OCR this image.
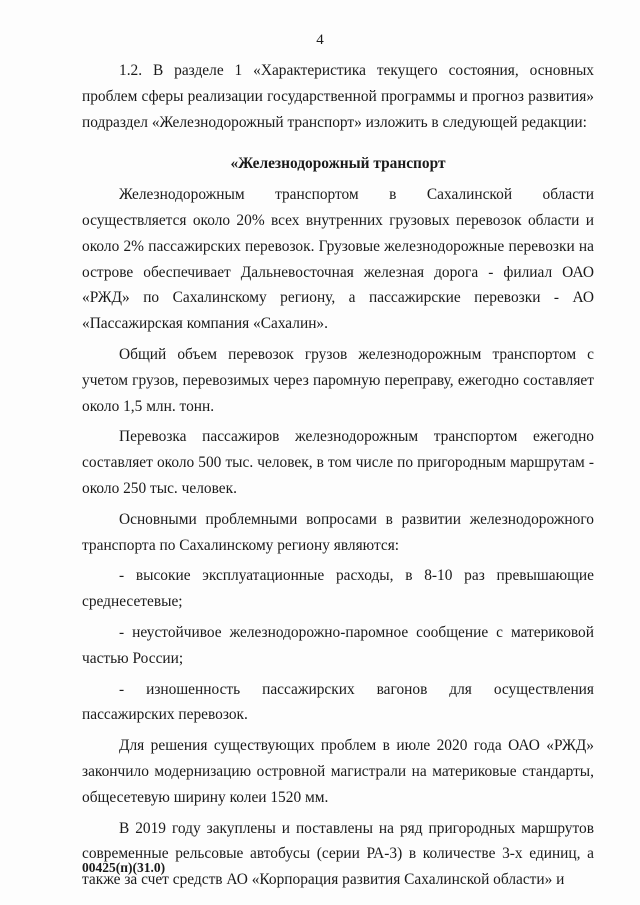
4

1.2. В разделе 1 «Характеристика текущего состояния, основных проблем сферы реализации государственной программы и прогноз развития» подраздел «Железнодорожный транспорт» изложить в следующей редакции:

«Железнодорожный транспорт

Железнодорожным транспортом в Сахалинской области осуществляется около 20% всех внутренних грузовых перевозок области и около 2% пассажирских перевозок. Грузовые железнодорожные перевозки на острове обеспечивает Дальневосточная железная дорога - филиал ОАО «РЖД» по Сахалинскому региону, а пассажирские перевозки - АО «Пассажирская компания «Сахалин».

Общий объем перевозок грузов железнодорожным транспортом с учетом грузов, перевозимых через паромную переправу, ежегодно составляет около 1,5 млн. тонн.

Перевозка пассажиров железнодорожным транспортом ежегодно составляет около 500 тыс. человек, в том числе по пригородным маршрутам - около 250 тыс. человек.

Основными проблемными вопросами в развитии железнодорожного транспорта по Сахалинскому региону являются:

- высокие эксплуатационные расходы, в 8-10 раз превышающие среднесетевые;

- неустойчивое железнодорожно-паромное сообщение с материковой частью России;

- изношенность пассажирских вагонов для осуществления пассажирских перевозок.

Для решения существующих проблем в июле 2020 года ОАО «РЖД» закончило модернизацию островной магистрали на материковые стандарты, общесетевую ширину колеи 1520 мм.

В 2019 году закуплены и поставлены на ряд пригородных маршрутов современные рельсовые автобусы (серии РА-3) в количестве 3-х единиц, а также за счет средств АО «Корпорация развития Сахалинской области» и

00425(п)(31.0)
